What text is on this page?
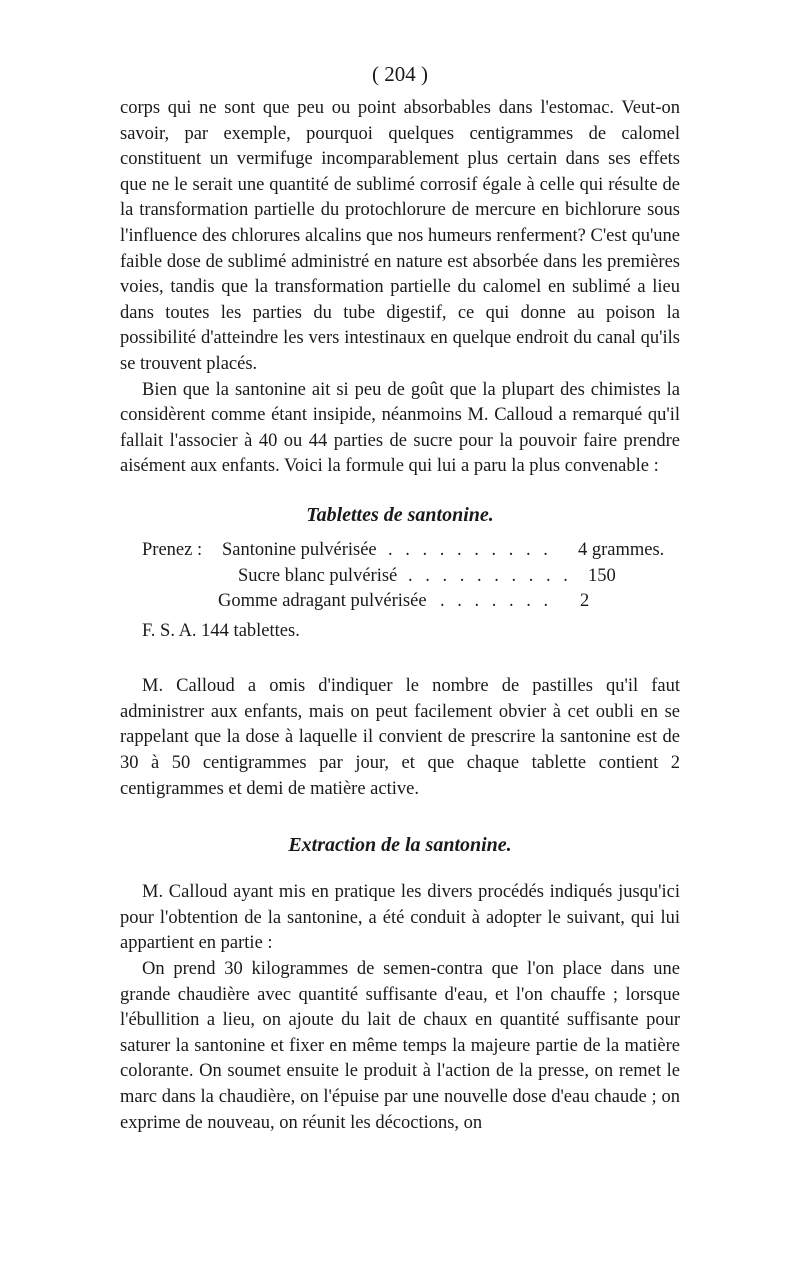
( 204 )

corps qui ne sont que peu ou point absorbables dans l'estomac. Veut-on savoir, par exemple, pourquoi quelques centigrammes de calomel constituent un vermifuge incomparablement plus certain dans ses effets que ne le serait une quantité de sublimé corrosif égale à celle qui résulte de la transformation partielle du protochlorure de mercure en bichlorure sous l'influence des chlorures alcalins que nos humeurs renferment? C'est qu'une faible dose de sublimé administré en nature est absorbée dans les premières voies, tandis que la transformation partielle du calomel en sublimé a lieu dans toutes les parties du tube digestif, ce qui donne au poison la possibilité d'atteindre les vers intestinaux en quelque endroit du canal qu'ils se trouvent placés.

Bien que la santonine ait si peu de goût que la plupart des chimistes la considèrent comme étant insipide, néanmoins M. Calloud a remarqué qu'il fallait l'associer à 40 ou 44 parties de sucre pour la pouvoir faire prendre aisément aux enfants. Voici la formule qui lui a paru la plus convenable :

Tablettes de santonine.
Prenez : Santonine pulvérisée . . . . . . . . . . 4 grammes.
Sucre blanc pulvérisé . . . . . . . . . . 150
Gomme adragant pulvérisée . . . . . . . 2
F. S. A. 144 tablettes.

M. Calloud a omis d'indiquer le nombre de pastilles qu'il faut administrer aux enfants, mais on peut facilement obvier à cet oubli en se rappelant que la dose à laquelle il convient de prescrire la santonine est de 30 à 50 centigrammes par jour, et que chaque tablette contient 2 centigrammes et demi de matière active.

Extraction de la santonine.

M. Calloud ayant mis en pratique les divers procédés indiqués jusqu'ici pour l'obtention de la santonine, a été conduit à adopter le suivant, qui lui appartient en partie :

On prend 30 kilogrammes de semen-contra que l'on place dans une grande chaudière avec quantité suffisante d'eau, et l'on chauffe ; lorsque l'ébullition a lieu, on ajoute du lait de chaux en quantité suffisante pour saturer la santonine et fixer en même temps la majeure partie de la matière colorante. On soumet ensuite le produit à l'action de la presse, on remet le marc dans la chaudière, on l'épuise par une nouvelle dose d'eau chaude ; on exprime de nouveau, on réunit les décoctions, on
